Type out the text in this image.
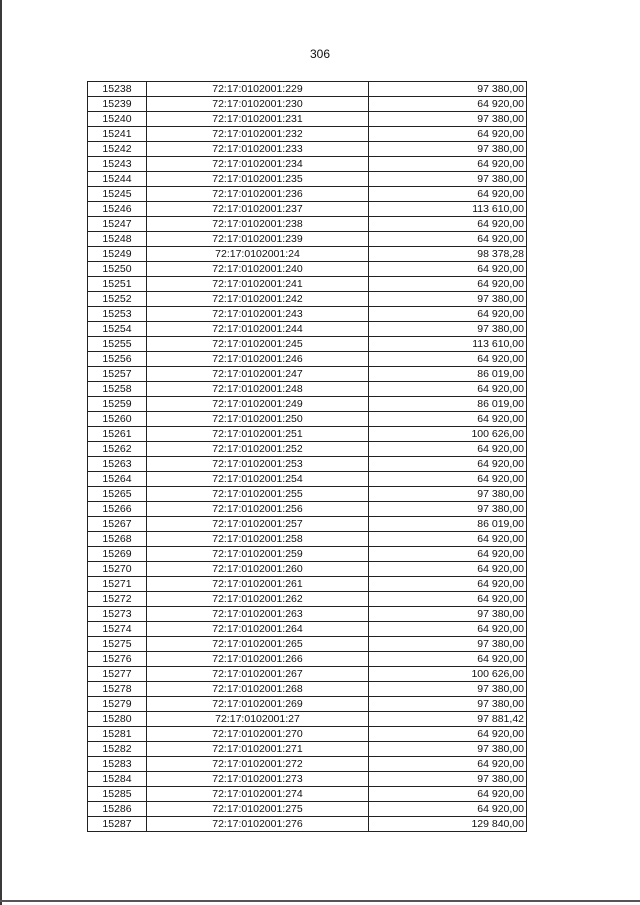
306
15238	72:17:0102001:229	97 380,00
15239	72:17:0102001:230	64 920,00
15240	72:17:0102001:231	97 380,00
15241	72:17:0102001:232	64 920,00
15242	72:17:0102001:233	97 380,00
15243	72:17:0102001:234	64 920,00
15244	72:17:0102001:235	97 380,00
15245	72:17:0102001:236	64 920,00
15246	72:17:0102001:237	113 610,00
15247	72:17:0102001:238	64 920,00
15248	72:17:0102001:239	64 920,00
15249	72:17:0102001:24	98 378,28
15250	72:17:0102001:240	64 920,00
15251	72:17:0102001:241	64 920,00
15252	72:17:0102001:242	97 380,00
15253	72:17:0102001:243	64 920,00
15254	72:17:0102001:244	97 380,00
15255	72:17:0102001:245	113 610,00
15256	72:17:0102001:246	64 920,00
15257	72:17:0102001:247	86 019,00
15258	72:17:0102001:248	64 920,00
15259	72:17:0102001:249	86 019,00
15260	72:17:0102001:250	64 920,00
15261	72:17:0102001:251	100 626,00
15262	72:17:0102001:252	64 920,00
15263	72:17:0102001:253	64 920,00
15264	72:17:0102001:254	64 920,00
15265	72:17:0102001:255	97 380,00
15266	72:17:0102001:256	97 380,00
15267	72:17:0102001:257	86 019,00
15268	72:17:0102001:258	64 920,00
15269	72:17:0102001:259	64 920,00
15270	72:17:0102001:260	64 920,00
15271	72:17:0102001:261	64 920,00
15272	72:17:0102001:262	64 920,00
15273	72:17:0102001:263	97 380,00
15274	72:17:0102001:264	64 920,00
15275	72:17:0102001:265	97 380,00
15276	72:17:0102001:266	64 920,00
15277	72:17:0102001:267	100 626,00
15278	72:17:0102001:268	97 380,00
15279	72:17:0102001:269	97 380,00
15280	72:17:0102001:27	97 881,42
15281	72:17:0102001:270	64 920,00
15282	72:17:0102001:271	97 380,00
15283	72:17:0102001:272	64 920,00
15284	72:17:0102001:273	97 380,00
15285	72:17:0102001:274	64 920,00
15286	72:17:0102001:275	64 920,00
15287	72:17:0102001:276	129 840,00
